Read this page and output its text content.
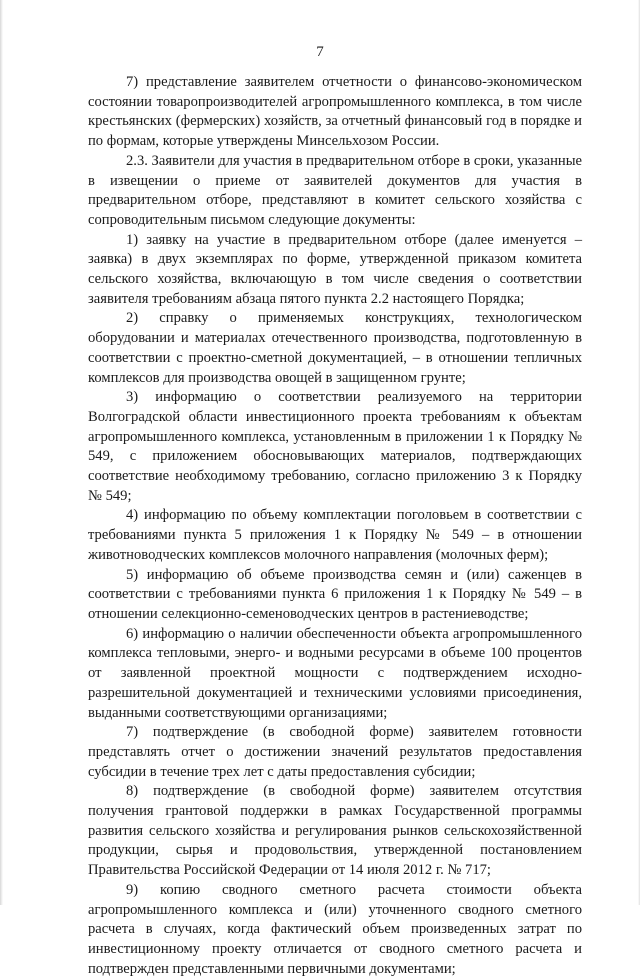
7

7) представление заявителем отчетности о финансово-экономическом состоянии товаропроизводителей агропромышленного комплекса, в том числе крестьянских (фермерских) хозяйств, за отчетный финансовый год в порядке и по формам, которые утверждены Минсельхозом России.

2.3. Заявители для участия в предварительном отборе в сроки, указанные в извещении о приеме от заявителей документов для участия в предварительном отборе, представляют в комитет сельского хозяйства с сопроводительным письмом следующие документы:

1) заявку на участие в предварительном отборе (далее именуется – заявка) в двух экземплярах по форме, утвержденной приказом комитета сельского хозяйства, включающую в том числе сведения о соответствии заявителя требованиям абзаца пятого пункта 2.2 настоящего Порядка;

2) справку о применяемых конструкциях, технологическом оборудовании и материалах отечественного производства, подготовленную в соответствии с проектно-сметной документацией, – в отношении тепличных комплексов для производства овощей в защищенном грунте;

3) информацию о соответствии реализуемого на территории Волгоградской области инвестиционного проекта требованиям к объектам агропромышленного комплекса, установленным в приложении 1 к Порядку № 549, с приложением обосновывающих материалов, подтверждающих соответствие необходимому требованию, согласно приложению 3 к Порядку № 549;

4) информацию по объему комплектации поголовьем в соответствии с требованиями пункта 5 приложения 1 к Порядку № 549 – в отношении животноводческих комплексов молочного направления (молочных ферм);

5) информацию об объеме производства семян и (или) саженцев в соответствии с требованиями пункта 6 приложения 1 к Порядку № 549 – в отношении селекционно-семеноводческих центров в растениеводстве;

6) информацию о наличии обеспеченности объекта агропромышленного комплекса тепловыми, энерго- и водными ресурсами в объеме 100 процентов от заявленной проектной мощности с подтверждением исходно-разрешительной документацией и техническими условиями присоединения, выданными соответствующими организациями;

7) подтверждение (в свободной форме) заявителем готовности представлять отчет о достижении значений результатов предоставления субсидии в течение трех лет с даты предоставления субсидии;

8) подтверждение (в свободной форме) заявителем отсутствия получения грантовой поддержки в рамках Государственной программы развития сельского хозяйства и регулирования рынков сельскохозяйственной продукции, сырья и продовольствия, утвержденной постановлением Правительства Российской Федерации от 14 июля 2012 г. № 717;

9) копию сводного сметного расчета стоимости объекта агропромышленного комплекса и (или) уточненного сводного сметного расчета в случаях, когда фактический объем произведенных затрат по инвестиционному проекту отличается от сводного сметного расчета и подтвержден представленными первичными документами;
